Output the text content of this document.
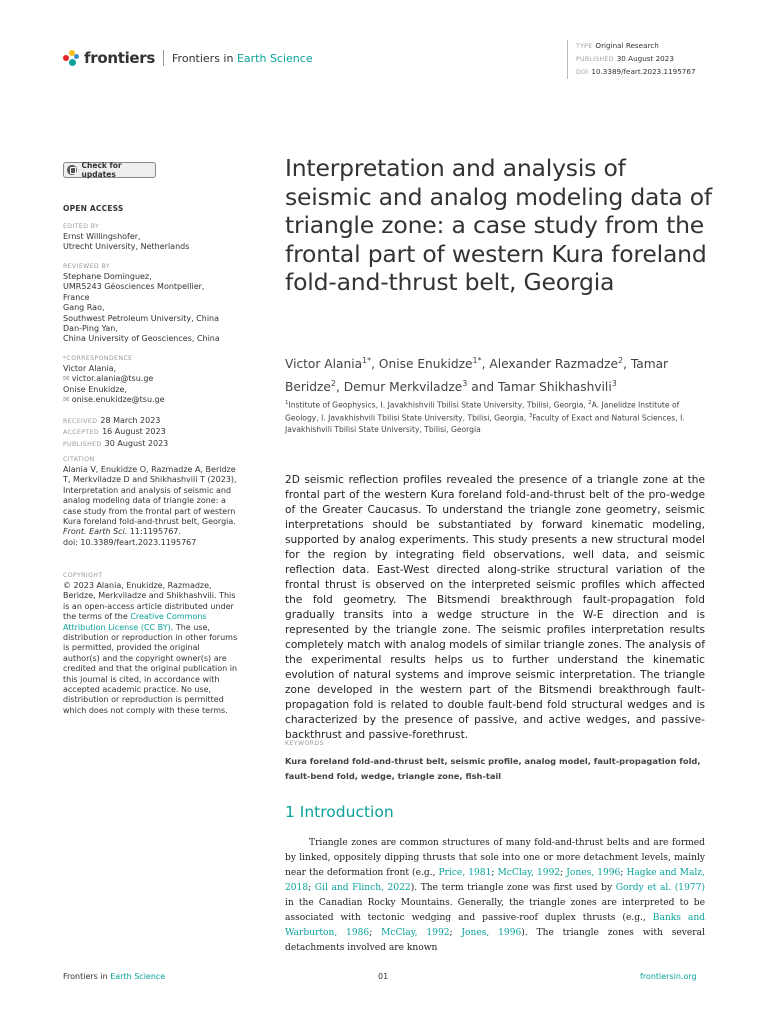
frontiers Frontiers in Earth Science
TYPE Original Research
PUBLISHED 30 August 2023
DOI 10.3389/feart.2023.1195767
Check for updates
OPEN ACCESS
EDITED BY
Ernst Willingshofer,
Utrecht University, Netherlands
REVIEWED BY
Stephane Dominguez,
UMR5243 Géosciences Montpellier,
France
Gang Rao,
Southwest Petroleum University, China
Dan-Ping Yan,
China University of Geosciences, China
*CORRESPONDENCE
Victor Alania,
✉ victor.alania@tsu.ge
Onise Enukidze,
✉ onise.enukidze@tsu.ge
RECEIVED 28 March 2023
ACCEPTED 16 August 2023
PUBLISHED 30 August 2023
CITATION
Alania V, Enukidze O, Razmadze A, Beridze T, Merkviladze D and Shikhashvili T (2023), Interpretation and analysis of seismic and analog modeling data of triangle zone: a case study from the frontal part of western Kura foreland fold-and-thrust belt, Georgia.
Front. Earth Sci. 11:1195767.
doi: 10.3389/feart.2023.1195767
COPYRIGHT
© 2023 Alania, Enukidze, Razmadze, Beridze, Merkviladze and Shikhashvili. This is an open-access article distributed under the terms of the Creative Commons Attribution License (CC BY). The use, distribution or reproduction in other forums is permitted, provided the original author(s) and the copyright owner(s) are credited and that the original publication in this journal is cited, in accordance with accepted academic practice. No use, distribution or reproduction is permitted which does not comply with these terms.
Interpretation and analysis of seismic and analog modeling data of triangle zone: a case study from the frontal part of western Kura foreland fold-and-thrust belt, Georgia
Victor Alania$^{1*}$, Onise Enukidze$^{1*}$, Alexander Razmadze$^2$, Tamar Beridze$^2$, Demur Merkviladze$^3$ and Tamar Shikhashvili$^3$
$^1$Institute of Geophysics, I. Javakhishvili Tbilisi State University, Tbilisi, Georgia, $^2$A. Janelidze Institute of Geology, I. Javakhishvili Tbilisi State University, Tbilisi, Georgia, $^3$Faculty of Exact and Natural Sciences, I. Javakhishvili Tbilisi State University, Tbilisi, Georgia
2D seismic reflection profiles revealed the presence of a triangle zone at the frontal part of the western Kura foreland fold-and-thrust belt of the pro-wedge of the Greater Caucasus. To understand the triangle zone geometry, seismic interpretations should be substantiated by forward kinematic modeling, supported by analog experiments. This study presents a new structural model for the region by integrating field observations, well data, and seismic reflection data. East-West directed along-strike structural variation of the frontal thrust is observed on the interpreted seismic profiles which affected the fold geometry. The Bitsmendi breakthrough fault-propagation fold gradually transits into a wedge structure in the W-E direction and is represented by the triangle zone. The seismic profiles interpretation results completely match with analog models of similar triangle zones. The analysis of the experimental results helps us to further understand the kinematic evolution of natural systems and improve seismic interpretation. The triangle zone developed in the western part of the Bitsmendi breakthrough fault-propagation fold is related to double fault-bend fold structural wedges and is characterized by the presence of passive, and active wedges, and passive-backthrust and passive-forethrust.
KEYWORDS
Kura foreland fold-and-thrust belt, seismic profile, analog model, fault-propagation fold, fault-bend fold, wedge, triangle zone, fish-tail
1 Introduction
Triangle zones are common structures of many fold-and-thrust belts and are formed by linked, oppositely dipping thrusts that sole into one or more detachment levels, mainly near the deformation front (e.g., Price, 1981; McClay, 1992; Jones, 1996; Hagke and Malz, 2018; Gil and Flinch, 2022). The term triangle zone was first used by Gordy et al. (1977) in the Canadian Rocky Mountains. Generally, the triangle zones are interpreted to be associated with tectonic wedging and passive-roof duplex thrusts (e.g., Banks and Warburton, 1986; McClay, 1992; Jones, 1996). The triangle zones with several detachments involved are known
Frontiers in Earth Science	01	frontiersin.org
